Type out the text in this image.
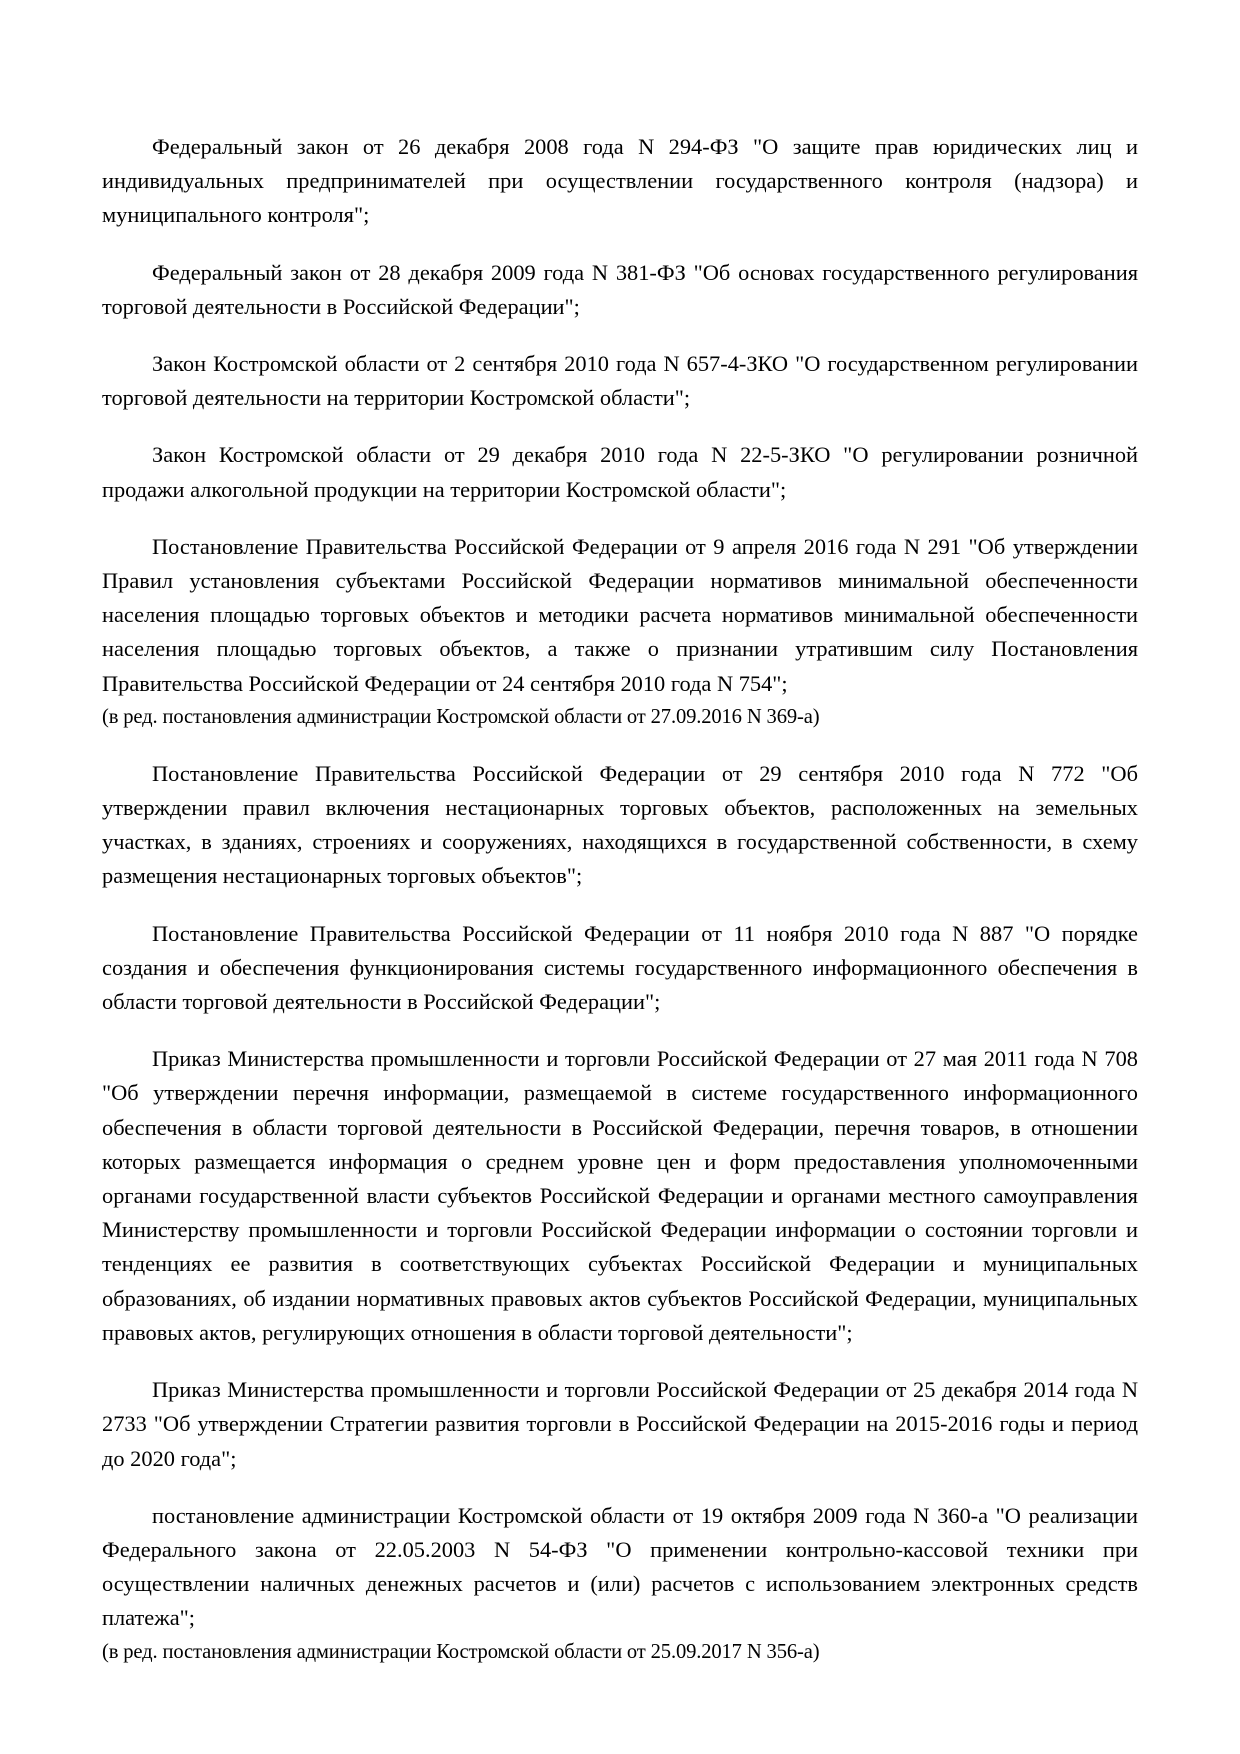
Федеральный закон от 26 декабря 2008 года N 294-ФЗ "О защите прав юридических лиц и индивидуальных предпринимателей при осуществлении государственного контроля (надзора) и муниципального контроля";

Федеральный закон от 28 декабря 2009 года N 381-ФЗ "Об основах государственного регулирования торговой деятельности в Российской Федерации";

Закон Костромской области от 2 сентября 2010 года N 657-4-ЗКО "О государственном регулировании торговой деятельности на территории Костромской области";

Закон Костромской области от 29 декабря 2010 года N 22-5-ЗКО "О регулировании розничной продажи алкогольной продукции на территории Костромской области";

Постановление Правительства Российской Федерации от 9 апреля 2016 года N 291 "Об утверждении Правил установления субъектами Российской Федерации нормативов минимальной обеспеченности населения площадью торговых объектов и методики расчета нормативов минимальной обеспеченности населения площадью торговых объектов, а также о признании утратившим силу Постановления Правительства Российской Федерации от 24 сентября 2010 года N 754";

(в ред. постановления администрации Костромской области от 27.09.2016 N 369-а)

Постановление Правительства Российской Федерации от 29 сентября 2010 года N 772 "Об утверждении правил включения нестационарных торговых объектов, расположенных на земельных участках, в зданиях, строениях и сооружениях, находящихся в государственной собственности, в схему размещения нестационарных торговых объектов";

Постановление Правительства Российской Федерации от 11 ноября 2010 года N 887 "О порядке создания и обеспечения функционирования системы государственного информационного обеспечения в области торговой деятельности в Российской Федерации";

Приказ Министерства промышленности и торговли Российской Федерации от 27 мая 2011 года N 708 "Об утверждении перечня информации, размещаемой в системе государственного информационного обеспечения в области торговой деятельности в Российской Федерации, перечня товаров, в отношении которых размещается информация о среднем уровне цен и форм предоставления уполномоченными органами государственной власти субъектов Российской Федерации и органами местного самоуправления Министерству промышленности и торговли Российской Федерации информации о состоянии торговли и тенденциях ее развития в соответствующих субъектах Российской Федерации и муниципальных образованиях, об издании нормативных правовых актов субъектов Российской Федерации, муниципальных правовых актов, регулирующих отношения в области торговой деятельности";

Приказ Министерства промышленности и торговли Российской Федерации от 25 декабря 2014 года N 2733 "Об утверждении Стратегии развития торговли в Российской Федерации на 2015-2016 годы и период до 2020 года";

постановление администрации Костромской области от 19 октября 2009 года N 360-а "О реализации Федерального закона от 22.05.2003 N 54-ФЗ "О применении контрольно-кассовой техники при осуществлении наличных денежных расчетов и (или) расчетов с использованием электронных средств платежа";

(в ред. постановления администрации Костромской области от 25.09.2017 N 356-а)
